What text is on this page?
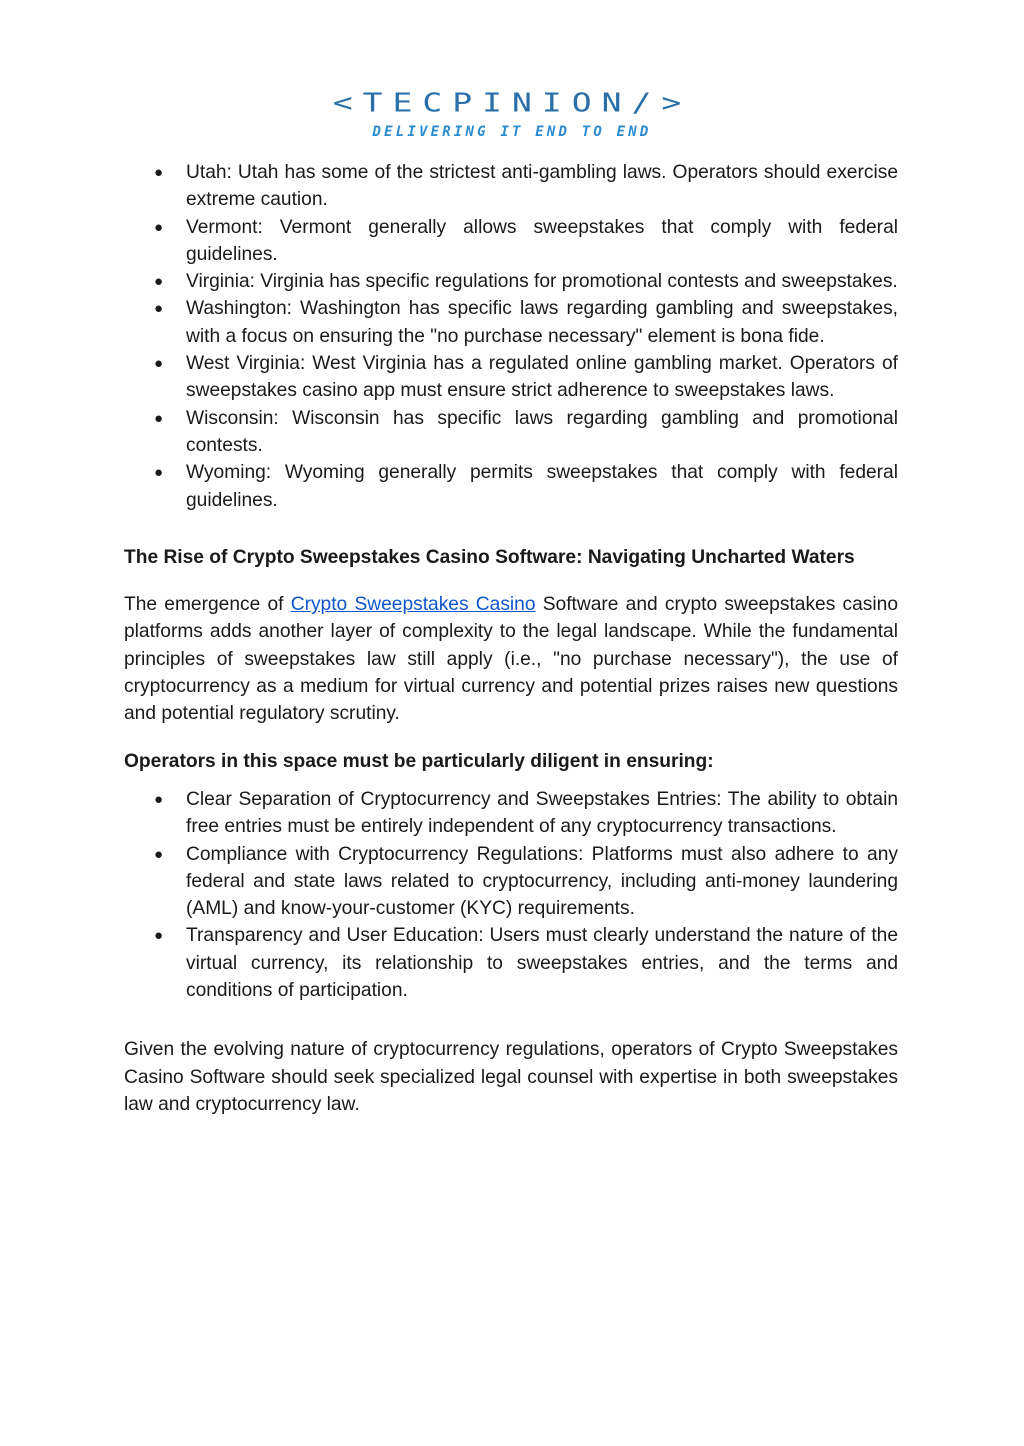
<TECPINION/>
DELIVERING IT END TO END
● Utah: Utah has some of the strictest anti-gambling laws. Operators should exercise extreme caution.
● Vermont: Vermont generally allows sweepstakes that comply with federal guidelines.
● Virginia: Virginia has specific regulations for promotional contests and sweepstakes.
● Washington: Washington has specific laws regarding gambling and sweepstakes, with a focus on ensuring the "no purchase necessary" element is bona fide.
● West Virginia: West Virginia has a regulated online gambling market. Operators of sweepstakes casino app must ensure strict adherence to sweepstakes laws.
● Wisconsin: Wisconsin has specific laws regarding gambling and promotional contests.
● Wyoming: Wyoming generally permits sweepstakes that comply with federal guidelines.
The Rise of Crypto Sweepstakes Casino Software: Navigating Uncharted Waters

The emergence of Crypto Sweepstakes Casino Software and crypto sweepstakes casino platforms adds another layer of complexity to the legal landscape. While the fundamental principles of sweepstakes law still apply (i.e., "no purchase necessary"), the use of cryptocurrency as a medium for virtual currency and potential prizes raises new questions and potential regulatory scrutiny.

Operators in this space must be particularly diligent in ensuring:

● Clear Separation of Cryptocurrency and Sweepstakes Entries: The ability to obtain free entries must be entirely independent of any cryptocurrency transactions.
● Compliance with Cryptocurrency Regulations: Platforms must also adhere to any federal and state laws related to cryptocurrency, including anti-money laundering (AML) and know-your-customer (KYC) requirements.
● Transparency and User Education: Users must clearly understand the nature of the virtual currency, its relationship to sweepstakes entries, and the terms and conditions of participation.

Given the evolving nature of cryptocurrency regulations, operators of Crypto Sweepstakes Casino Software should seek specialized legal counsel with expertise in both sweepstakes law and cryptocurrency law.
